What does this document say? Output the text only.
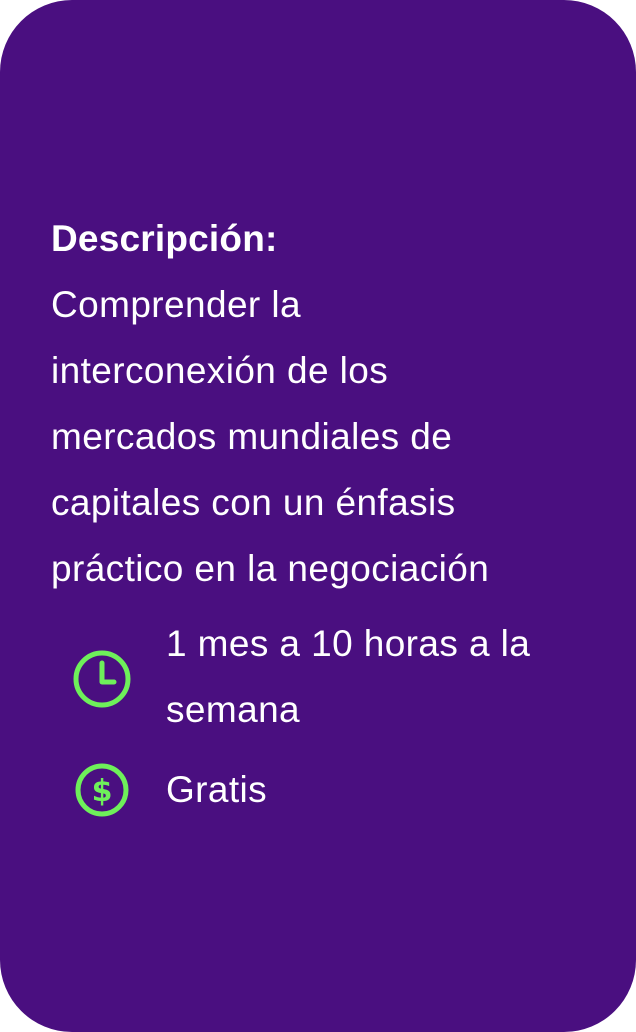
Descripción:
Comprender la
interconexión de los
mercados mundiales de
capitales con un énfasis
práctico en la negociación
1 mes a 10 horas a la
semana
$ Gratis
